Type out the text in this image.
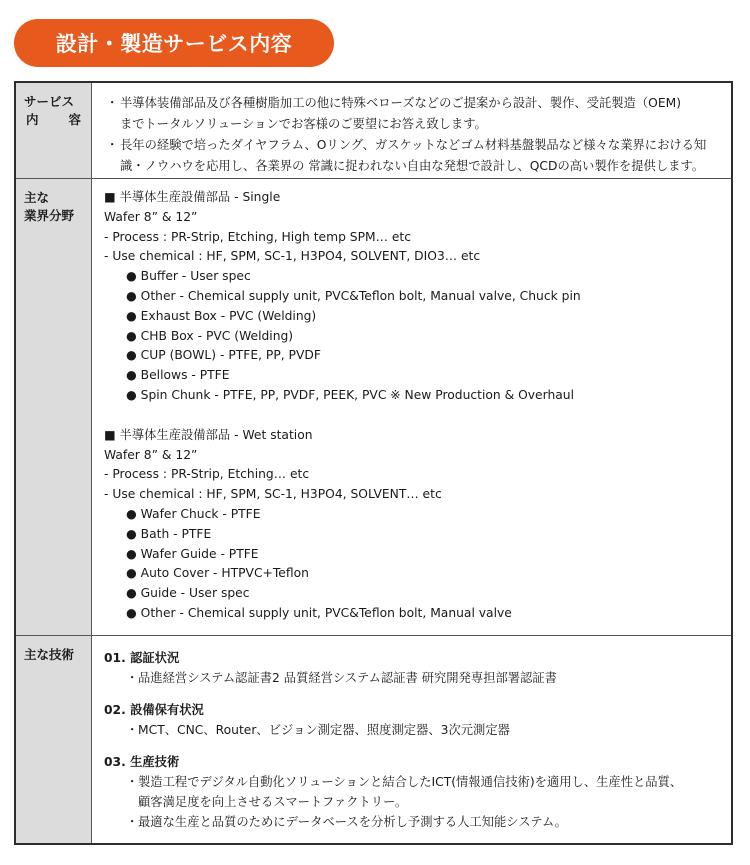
設計・製造サービス内容
サービス
内 容
・ 半導体装備部品及び各種樹脂加工の他に特殊ベローズなどのご提案から設計、製作、受託製造（OEM)
までトータルソリューションでお客様のご要望にお答え致します。
・ 長年の経験で培ったダイヤフラム、Oリング、ガスケットなどゴム材料基盤製品など様々な業界における知
識・ノウハウを応用し、各業界の 常識に捉われない自由な発想で設計し、QCDの高い製作を提供します。
主な
業界分野
■ 半導体生産設備部品 - Single
Wafer 8” & 12”
- Process : PR-Strip, Etching, High temp SPM… etc
- Use chemical : HF, SPM, SC-1, H3PO4, SOLVENT, DIO3… etc
● Buffer - User spec
● Other - Chemical supply unit, PVC&Teflon bolt, Manual valve, Chuck pin
● Exhaust Box - PVC (Welding)
● CHB Box - PVC (Welding)
● CUP (BOWL) - PTFE, PP, PVDF
● Bellows - PTFE
● Spin Chunk - PTFE, PP, PVDF, PEEK, PVC ※ New Production & Overhaul
■ 半導体生産設備部品 - Wet station
Wafer 8” & 12”
- Process : PR-Strip, Etching… etc
- Use chemical : HF, SPM, SC-1, H3PO4, SOLVENT… etc
● Wafer Chuck - PTFE
● Bath - PTFE
● Wafer Guide - PTFE
● Auto Cover - HTPVC+Teflon
● Guide - User spec
● Other - Chemical supply unit, PVC&Teflon bolt, Manual valve
主な技術	01. 認証状況
・ 品進経営システム認証書2 品質経営システム認証書 研究開発専担部署認証書
02. 設備保有状況
・ MCT、CNC、Router、ビジョン測定器、照度測定器、3次元測定器
03. 生産技術
・ 製造工程でデジタル自動化ソリューションと結合したICT(情報通信技術)を適用し、生産性と品質、
顧客満足度を向上させるスマートファクトリー。
・ 最適な生産と品質のためにデータベースを分析し予測する人工知能システム。
